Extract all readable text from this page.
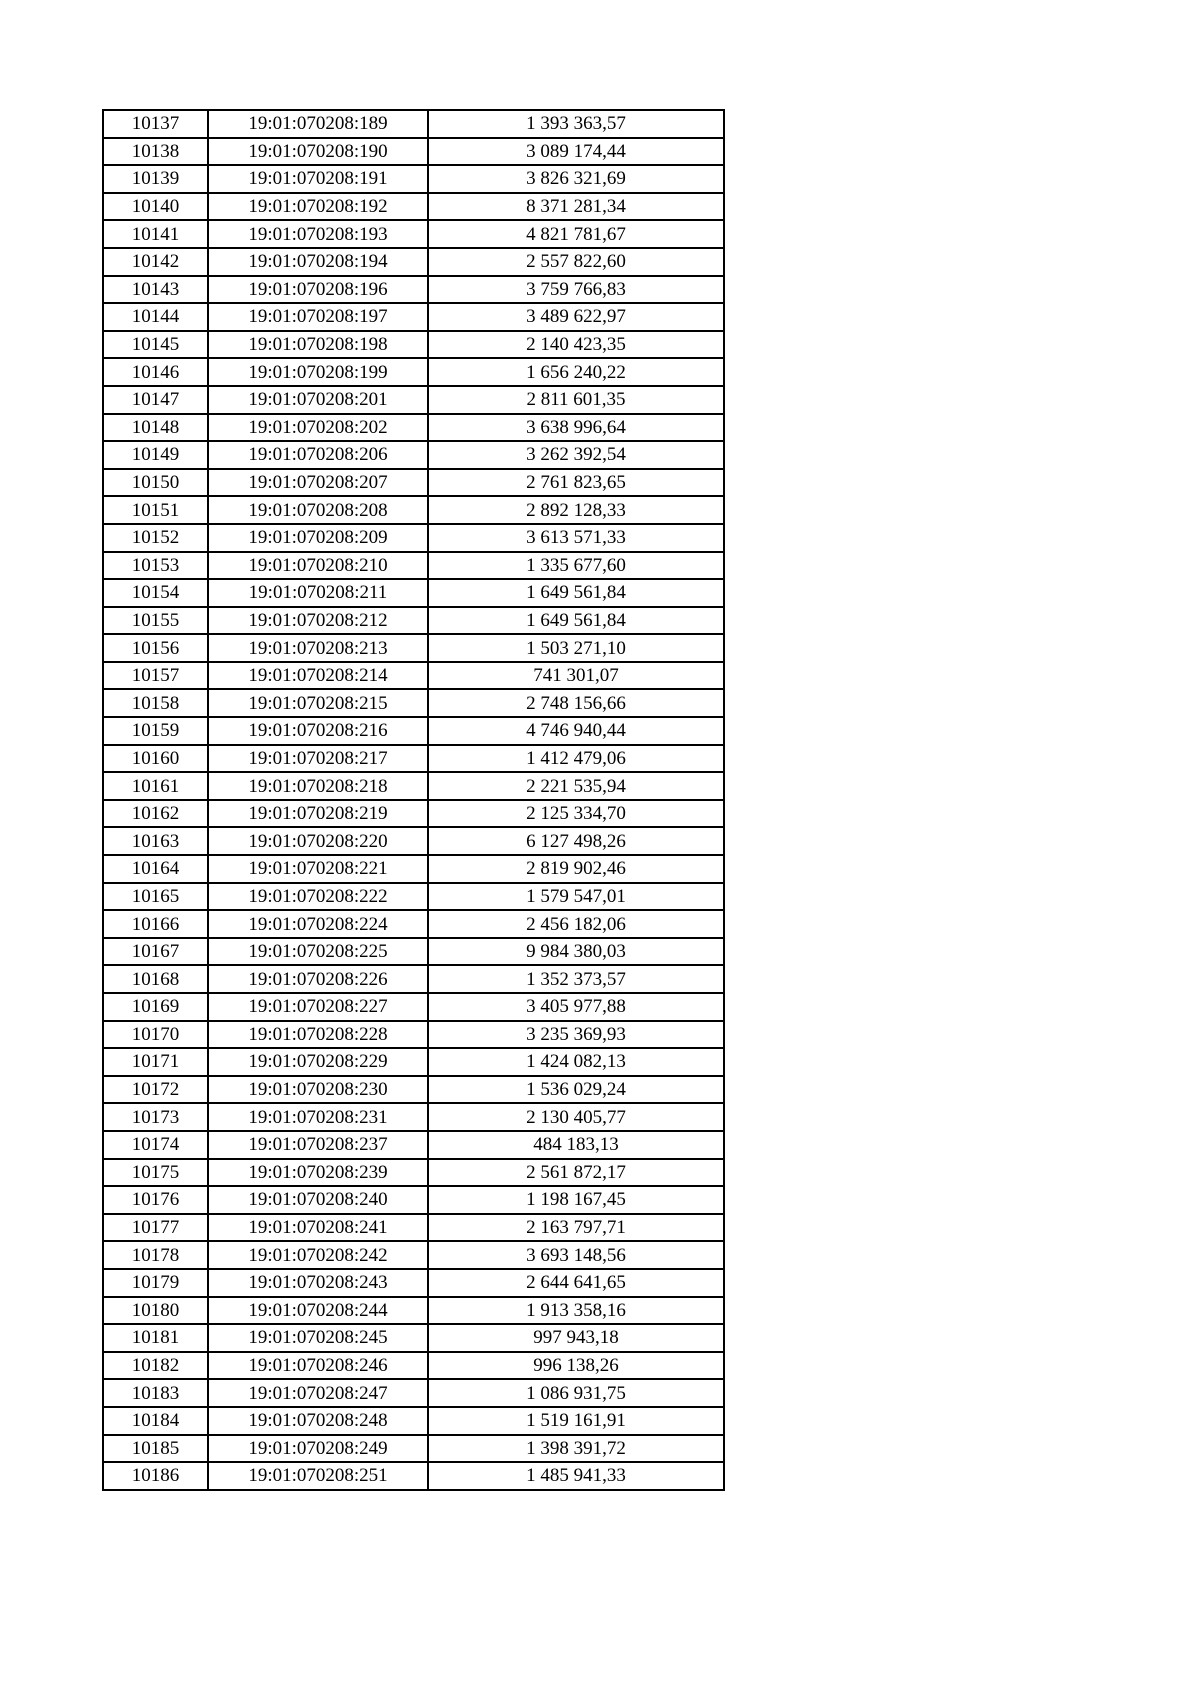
10137	19:01:070208:189	1 393 363,57
10138	19:01:070208:190	3 089 174,44
10139	19:01:070208:191	3 826 321,69
10140	19:01:070208:192	8 371 281,34
10141	19:01:070208:193	4 821 781,67
10142	19:01:070208:194	2 557 822,60
10143	19:01:070208:196	3 759 766,83
10144	19:01:070208:197	3 489 622,97
10145	19:01:070208:198	2 140 423,35
10146	19:01:070208:199	1 656 240,22
10147	19:01:070208:201	2 811 601,35
10148	19:01:070208:202	3 638 996,64
10149	19:01:070208:206	3 262 392,54
10150	19:01:070208:207	2 761 823,65
10151	19:01:070208:208	2 892 128,33
10152	19:01:070208:209	3 613 571,33
10153	19:01:070208:210	1 335 677,60
10154	19:01:070208:211	1 649 561,84
10155	19:01:070208:212	1 649 561,84
10156	19:01:070208:213	1 503 271,10
10157	19:01:070208:214	741 301,07
10158	19:01:070208:215	2 748 156,66
10159	19:01:070208:216	4 746 940,44
10160	19:01:070208:217	1 412 479,06
10161	19:01:070208:218	2 221 535,94
10162	19:01:070208:219	2 125 334,70
10163	19:01:070208:220	6 127 498,26
10164	19:01:070208:221	2 819 902,46
10165	19:01:070208:222	1 579 547,01
10166	19:01:070208:224	2 456 182,06
10167	19:01:070208:225	9 984 380,03
10168	19:01:070208:226	1 352 373,57
10169	19:01:070208:227	3 405 977,88
10170	19:01:070208:228	3 235 369,93
10171	19:01:070208:229	1 424 082,13
10172	19:01:070208:230	1 536 029,24
10173	19:01:070208:231	2 130 405,77
10174	19:01:070208:237	484 183,13
10175	19:01:070208:239	2 561 872,17
10176	19:01:070208:240	1 198 167,45
10177	19:01:070208:241	2 163 797,71
10178	19:01:070208:242	3 693 148,56
10179	19:01:070208:243	2 644 641,65
10180	19:01:070208:244	1 913 358,16
10181	19:01:070208:245	997 943,18
10182	19:01:070208:246	996 138,26
10183	19:01:070208:247	1 086 931,75
10184	19:01:070208:248	1 519 161,91
10185	19:01:070208:249	1 398 391,72
10186	19:01:070208:251	1 485 941,33
